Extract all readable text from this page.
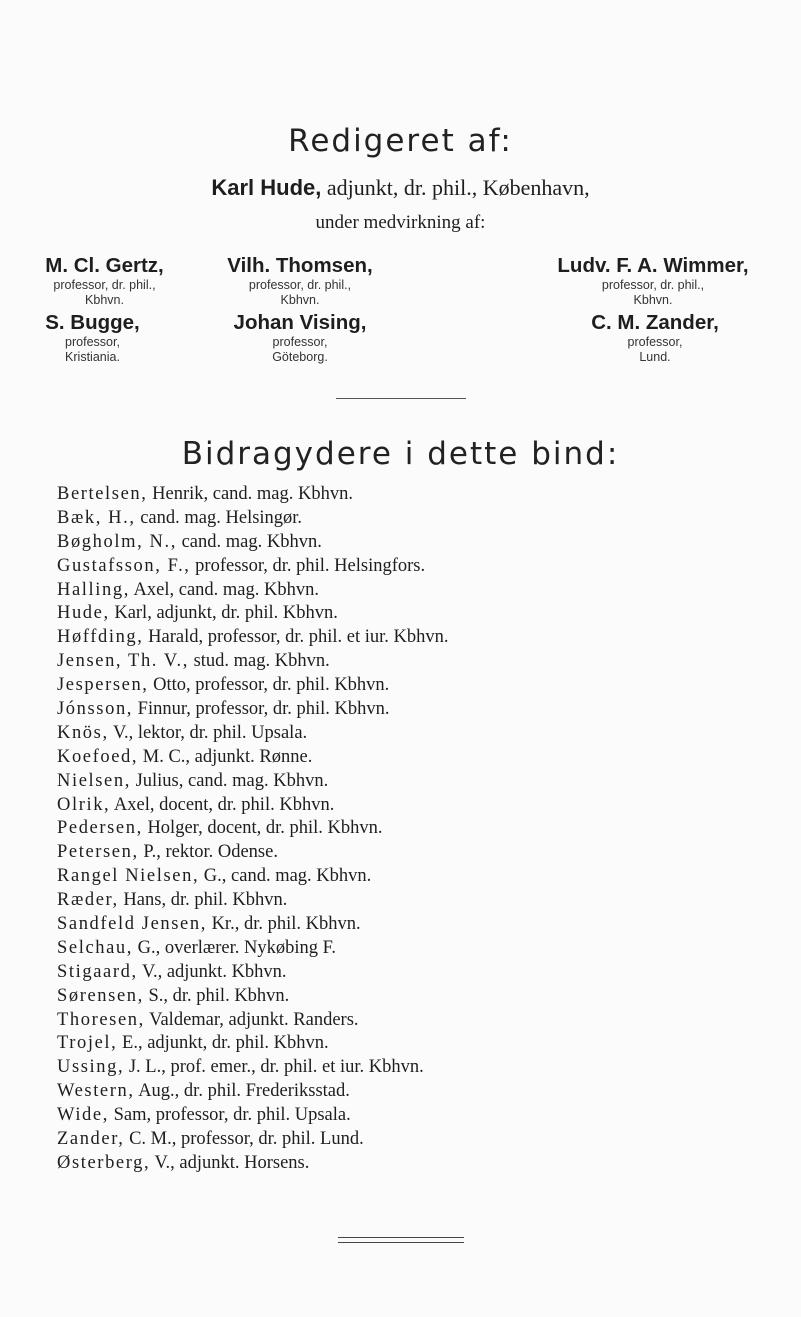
Redigeret af:
Karl Hude, adjunkt, dr. phil., København,
under medvirkning af:
M. Cl. Gertz,
professor, dr. phil.,
Kbhvn.
Vilh. Thomsen,
professor, dr. phil.,
Kbhvn.
Ludv. F. A. Wimmer,
professor, dr. phil.,
Kbhvn.
S. Bugge,
professor,
Kristiania.
Johan Vising,
professor,
Göteborg.
C. M. Zander,
professor,
Lund.
Bidragydere i dette bind:
Bertelsen, Henrik, cand. mag. Kbhvn.
Bæk, H., cand. mag. Helsingør.
Bøgholm, N., cand. mag. Kbhvn.
Gustafsson, F., professor, dr. phil. Helsingfors.
Halling, Axel, cand. mag. Kbhvn.
Hude, Karl, adjunkt, dr. phil. Kbhvn.
Høffding, Harald, professor, dr. phil. et iur. Kbhvn.
Jensen, Th. V., stud. mag. Kbhvn.
Jespersen, Otto, professor, dr. phil. Kbhvn.
Jónsson, Finnur, professor, dr. phil. Kbhvn.
Knös, V., lektor, dr. phil. Upsala.
Koefoed, M. C., adjunkt. Rønne.
Nielsen, Julius, cand. mag. Kbhvn.
Olrik, Axel, docent, dr. phil. Kbhvn.
Pedersen, Holger, docent, dr. phil. Kbhvn.
Petersen, P., rektor. Odense.
Rangel Nielsen, G., cand. mag. Kbhvn.
Ræder, Hans, dr. phil. Kbhvn.
Sandfeld Jensen, Kr., dr. phil. Kbhvn.
Selchau, G., overlærer. Nykøbing F.
Stigaard, V., adjunkt. Kbhvn.
Sørensen, S., dr. phil. Kbhvn.
Thoresen, Valdemar, adjunkt. Randers.
Trojel, E., adjunkt, dr. phil. Kbhvn.
Ussing, J. L., prof. emer., dr. phil. et iur. Kbhvn.
Western, Aug., dr. phil. Frederiksstad.
Wide, Sam, professor, dr. phil. Upsala.
Zander, C. M., professor, dr. phil. Lund.
Østerberg, V., adjunkt. Horsens.
